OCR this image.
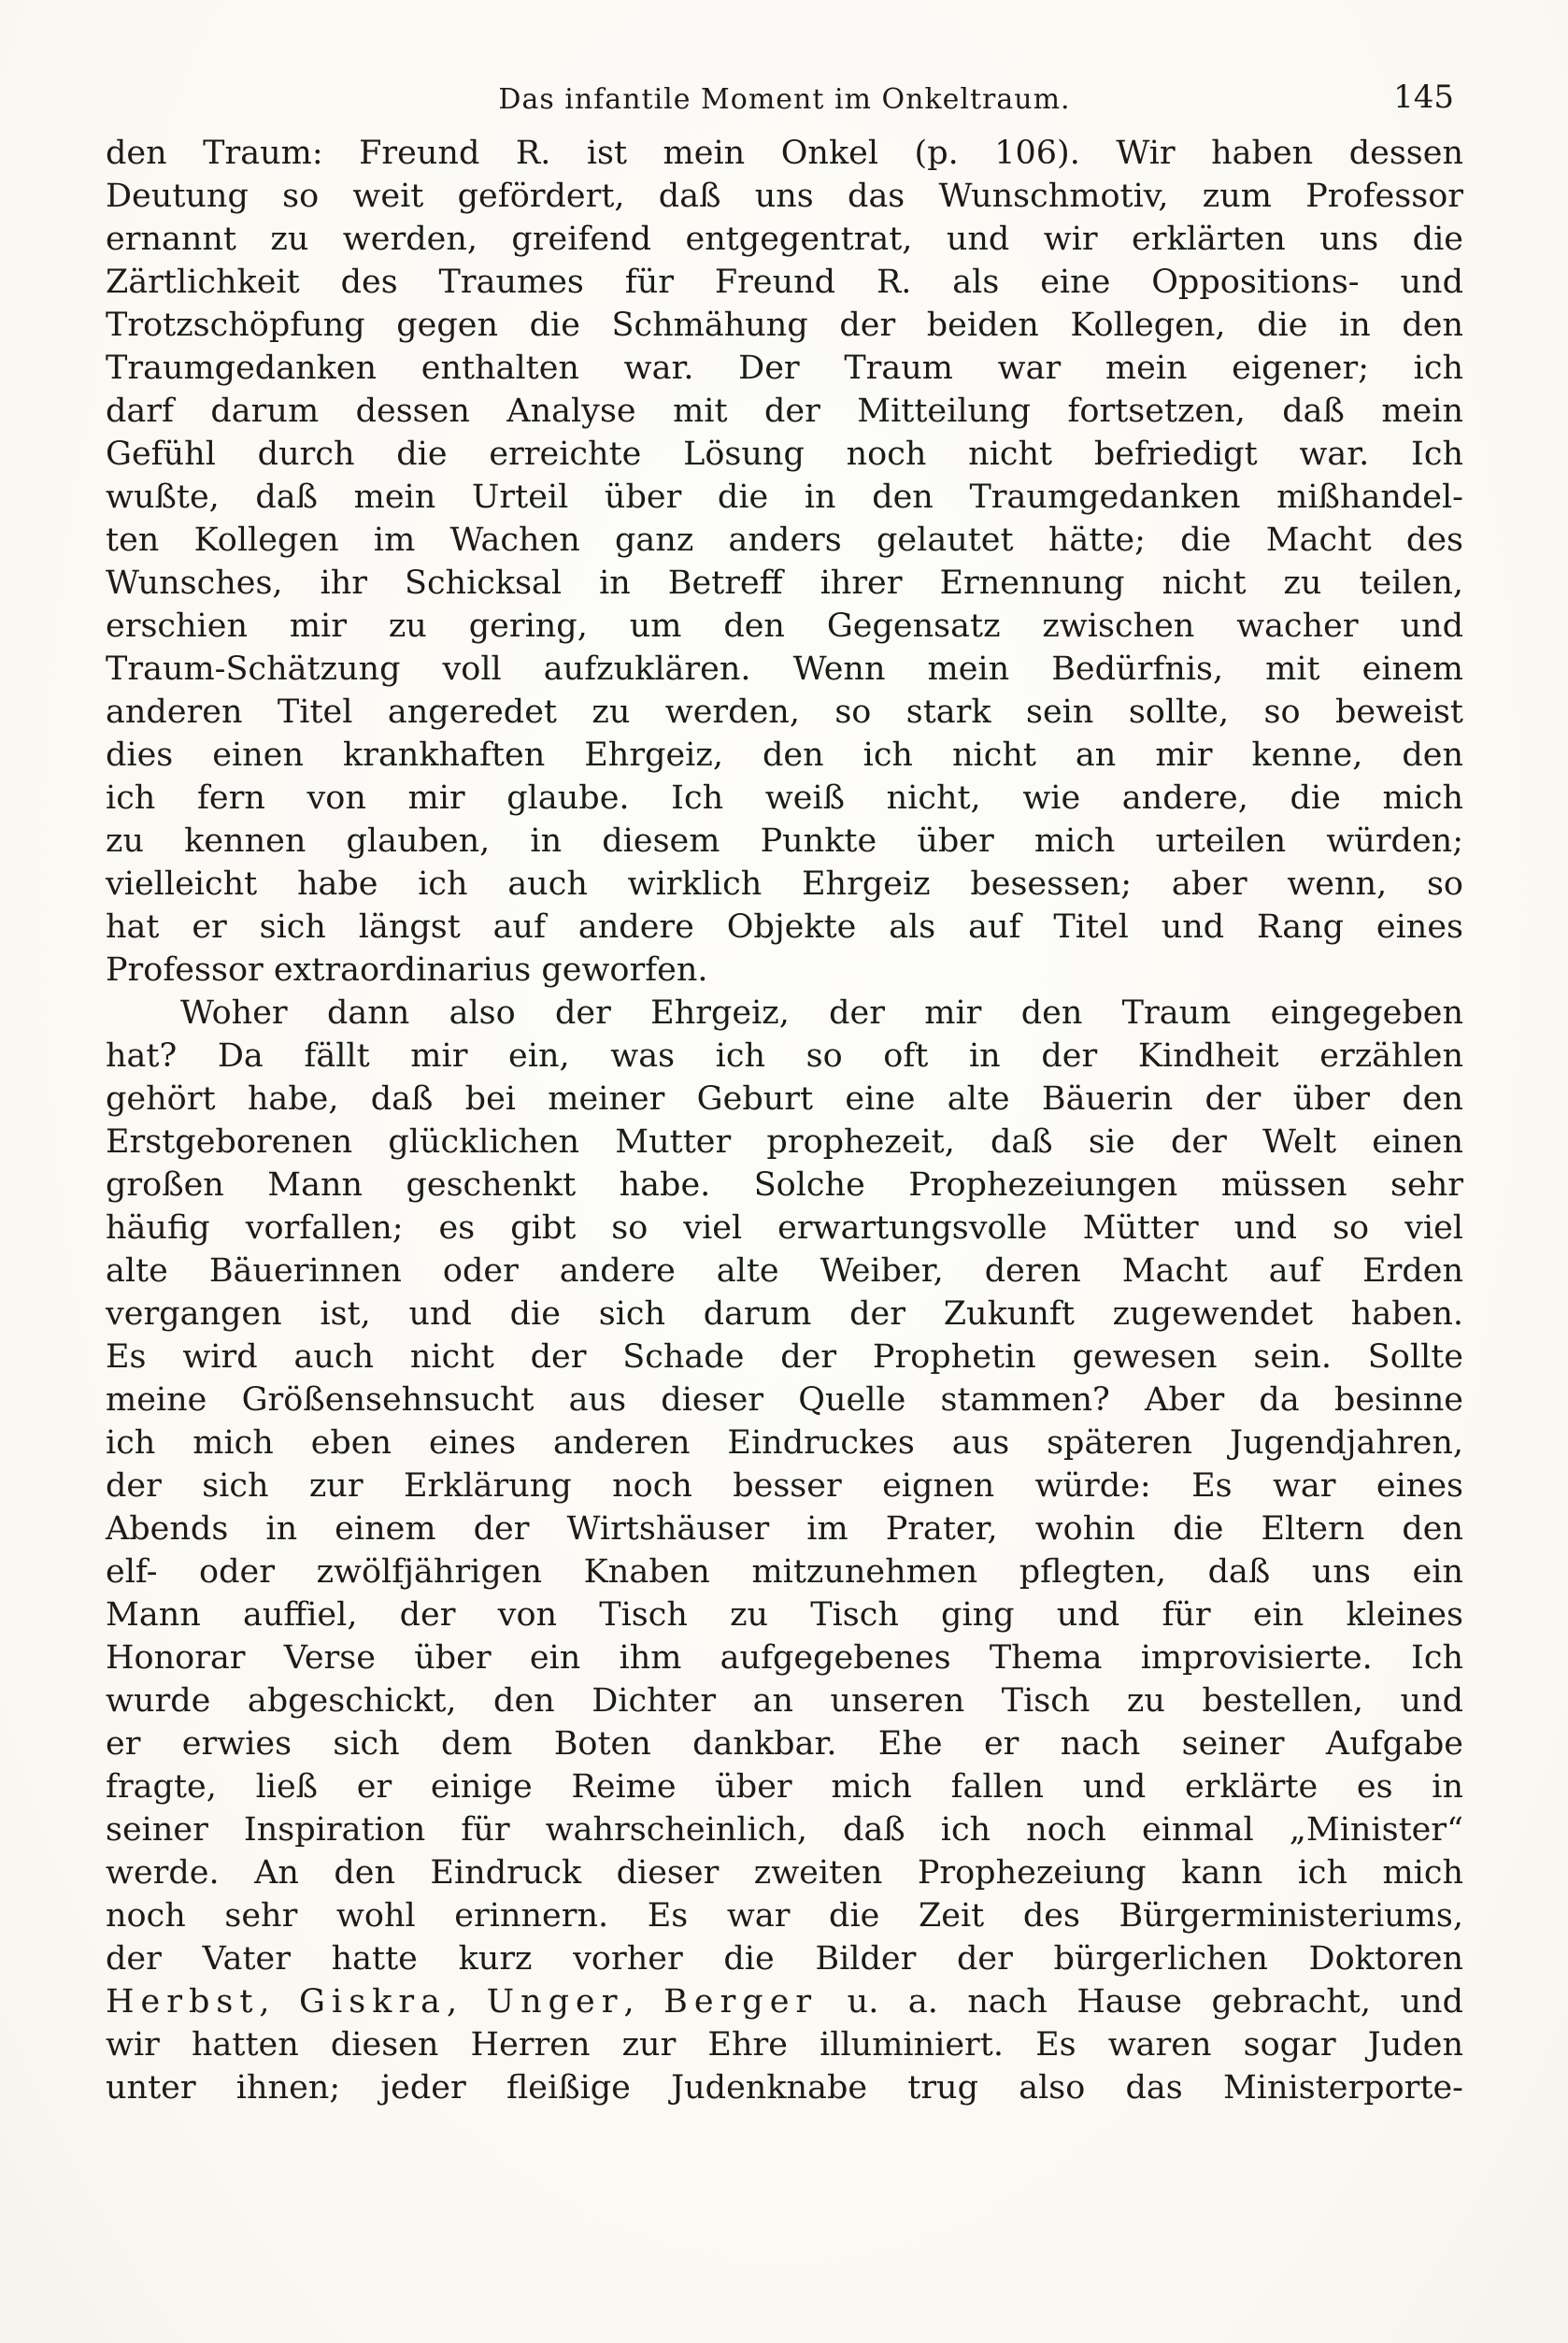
Das infantile Moment im Onkeltraum.	145
den Traum: Freund R. ist mein Onkel (p. 106). Wir haben dessen
Deutung so weit gefördert, daß uns das Wunschmotiv, zum Professor
ernannt zu werden, greifend entgegentrat, und wir erklärten uns die
Zärtlichkeit des Traumes für Freund R. als eine Oppositions- und
Trotzschöpfung gegen die Schmähung der beiden Kollegen, die in den
Traumgedanken enthalten war. Der Traum war mein eigener; ich
darf darum dessen Analyse mit der Mitteilung fortsetzen, daß mein
Gefühl durch die erreichte Lösung noch nicht befriedigt war. Ich
wußte, daß mein Urteil über die in den Traumgedanken mißhandel-
ten Kollegen im Wachen ganz anders gelautet hätte; die Macht des
Wunsches, ihr Schicksal in Betreff ihrer Ernennung nicht zu teilen,
erschien mir zu gering, um den Gegensatz zwischen wacher und
Traum-Schätzung voll aufzuklären. Wenn mein Bedürfnis, mit einem
anderen Titel angeredet zu werden, so stark sein sollte, so beweist
dies einen krankhaften Ehrgeiz, den ich nicht an mir kenne, den
ich fern von mir glaube. Ich weiß nicht, wie andere, die mich
zu kennen glauben, in diesem Punkte über mich urteilen würden;
vielleicht habe ich auch wirklich Ehrgeiz besessen; aber wenn, so
hat er sich längst auf andere Objekte als auf Titel und Rang eines
Professor extraordinarius geworfen.
Woher dann also der Ehrgeiz, der mir den Traum eingegeben
hat? Da fällt mir ein, was ich so oft in der Kindheit erzählen
gehört habe, daß bei meiner Geburt eine alte Bäuerin der über den
Erstgeborenen glücklichen Mutter prophezeit, daß sie der Welt einen
großen Mann geschenkt habe. Solche Prophezeiungen müssen sehr
häufig vorfallen; es gibt so viel erwartungsvolle Mütter und so viel
alte Bäuerinnen oder andere alte Weiber, deren Macht auf Erden
vergangen ist, und die sich darum der Zukunft zugewendet haben.
Es wird auch nicht der Schade der Prophetin gewesen sein. Sollte
meine Größensehnsucht aus dieser Quelle stammen? Aber da besinne
ich mich eben eines anderen Eindruckes aus späteren Jugendjahren,
der sich zur Erklärung noch besser eignen würde: Es war eines
Abends in einem der Wirtshäuser im Prater, wohin die Eltern den
elf- oder zwölfjährigen Knaben mitzunehmen pflegten, daß uns ein
Mann auffiel, der von Tisch zu Tisch ging und für ein kleines
Honorar Verse über ein ihm aufgegebenes Thema improvisierte. Ich
wurde abgeschickt, den Dichter an unseren Tisch zu bestellen, und
er erwies sich dem Boten dankbar. Ehe er nach seiner Aufgabe
fragte, ließ er einige Reime über mich fallen und erklärte es in
seiner Inspiration für wahrscheinlich, daß ich noch einmal „Minister“
werde. An den Eindruck dieser zweiten Prophezeiung kann ich mich
noch sehr wohl erinnern. Es war die Zeit des Bürgerministeriums,
der Vater hatte kurz vorher die Bilder der bürgerlichen Doktoren
Herbst, Giskra, Unger, Berger u. a. nach Hause gebracht, und
wir hatten diesen Herren zur Ehre illuminiert. Es waren sogar Juden
unter ihnen; jeder fleißige Judenknabe trug also das Ministerporte-
